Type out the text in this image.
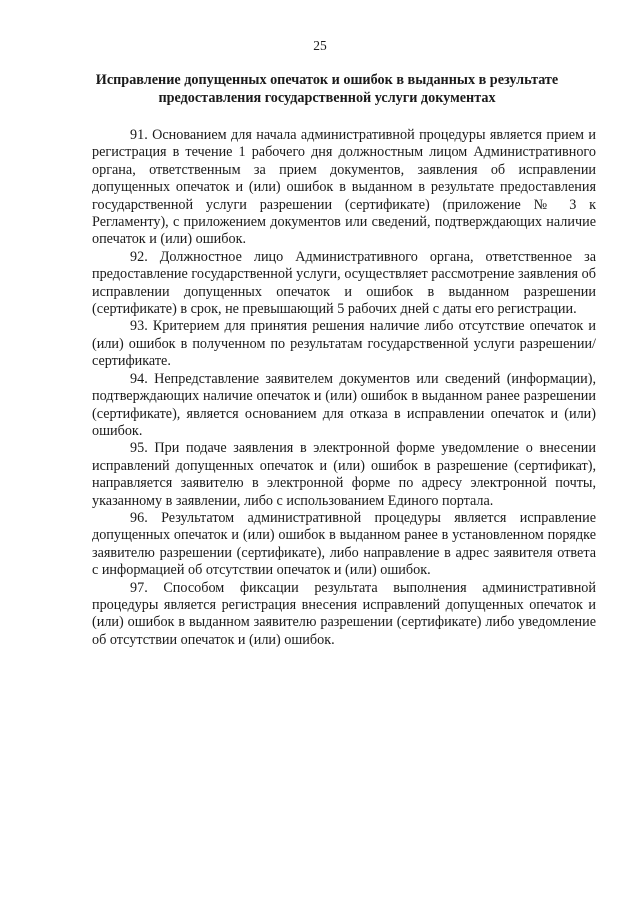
25
Исправление допущенных опечаток и ошибок в выданных в результате предоставления государственной услуги документах

91. Основанием для начала административной процедуры является прием и регистрация в течение 1 рабочего дня должностным лицом Административного органа, ответственным за прием документов, заявления об исправлении допущенных опечаток и (или) ошибок в выданном в результате предоставления государственной услуги разрешении (сертификате) (приложение № 3 к Регламенту), с приложением документов или сведений, подтверждающих наличие опечаток и (или) ошибок.

92. Должностное лицо Административного органа, ответственное за предоставление государственной услуги, осуществляет рассмотрение заявления об исправлении допущенных опечаток и ошибок в выданном разрешении (сертификате) в срок, не превышающий 5 рабочих дней с даты его регистрации.

93. Критерием для принятия решения наличие либо отсутствие опечаток и (или) ошибок в полученном по результатам государственной услуги разрешении/сертификате.

94. Непредставление заявителем документов или сведений (информации), подтверждающих наличие опечаток и (или) ошибок в выданном ранее разрешении (сертификате), является основанием для отказа в исправлении опечаток и (или) ошибок.

95. При подаче заявления в электронной форме уведомление о внесении исправлений допущенных опечаток и (или) ошибок в разрешение (сертификат), направляется заявителю в электронной форме по адресу электронной почты, указанному в заявлении, либо с использованием Единого портала.

96. Результатом административной процедуры является исправление допущенных опечаток и (или) ошибок в выданном ранее в установленном порядке заявителю разрешении (сертификате), либо направление в адрес заявителя ответа с информацией об отсутствии опечаток и (или) ошибок.

97. Способом фиксации результата выполнения административной процедуры является регистрация внесения исправлений допущенных опечаток и (или) ошибок в выданном заявителю разрешении (сертификате) либо уведомление об отсутствии опечаток и (или) ошибок.
